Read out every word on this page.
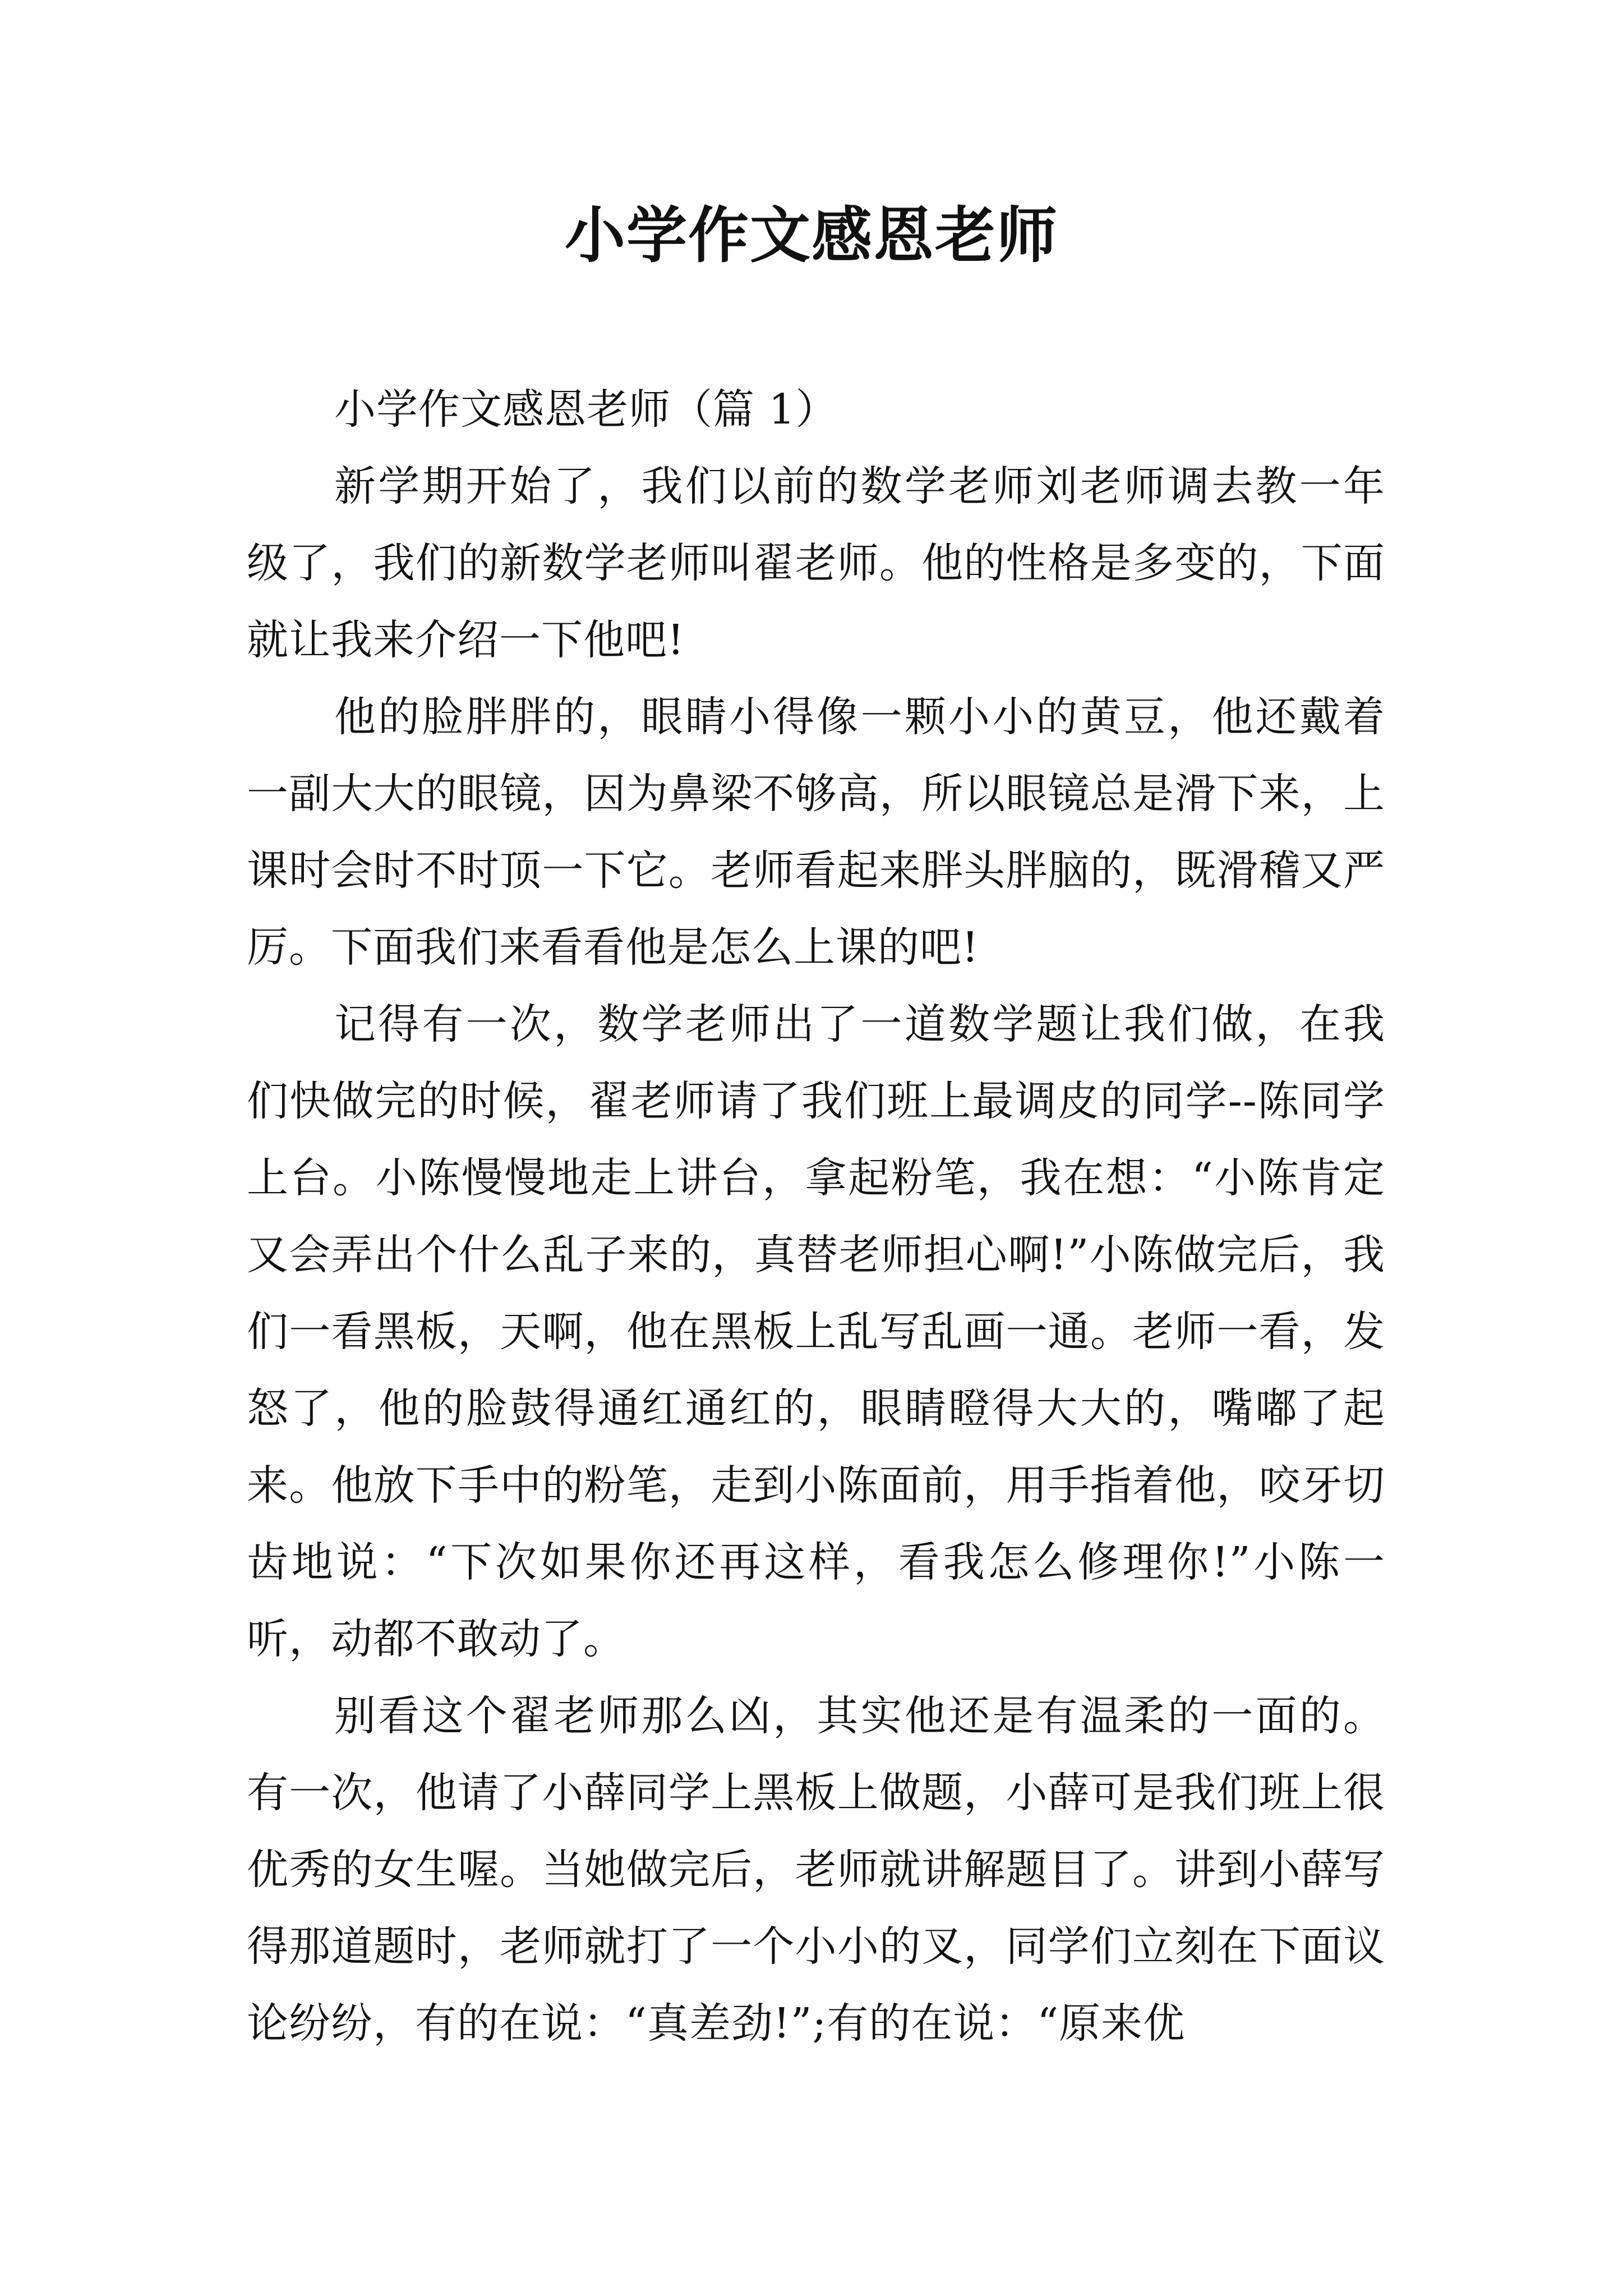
小学作文感恩老师

小学作文感恩老师（篇 1）

新学期开始了，我们以前的数学老师刘老师调去教一年级了，我们的新数学老师叫翟老师。他的性格是多变的，下面就让我来介绍一下他吧!

他的脸胖胖的，眼睛小得像一颗小小的黄豆，他还戴着一副大大的眼镜，因为鼻梁不够高，所以眼镜总是滑下来，上课时会时不时顶一下它。老师看起来胖头胖脑的，既滑稽又严厉。下面我们来看看他是怎么上课的吧!

记得有一次，数学老师出了一道数学题让我们做，在我们快做完的时候，翟老师请了我们班上最调皮的同学--陈同学上台。小陈慢慢地走上讲台，拿起粉笔，我在想：“小陈肯定又会弄出个什么乱子来的，真替老师担心啊!”小陈做完后，我们一看黑板，天啊，他在黑板上乱写乱画一通。老师一看，发怒了，他的脸鼓得通红通红的，眼睛瞪得大大的，嘴嘟了起来。他放下手中的粉笔，走到小陈面前，用手指着他，咬牙切齿地说：“下次如果你还再这样，看我怎么修理你!”小陈一听，动都不敢动了。

别看这个翟老师那么凶，其实他还是有温柔的一面的。有一次，他请了小薛同学上黑板上做题，小薛可是我们班上很优秀的女生喔。当她做完后，老师就讲解题目了。讲到小薛写得那道题时，老师就打了一个小小的叉，同学们立刻在下面议论纷纷，有的在说：“真差劲!”;有的在说：“原来优
